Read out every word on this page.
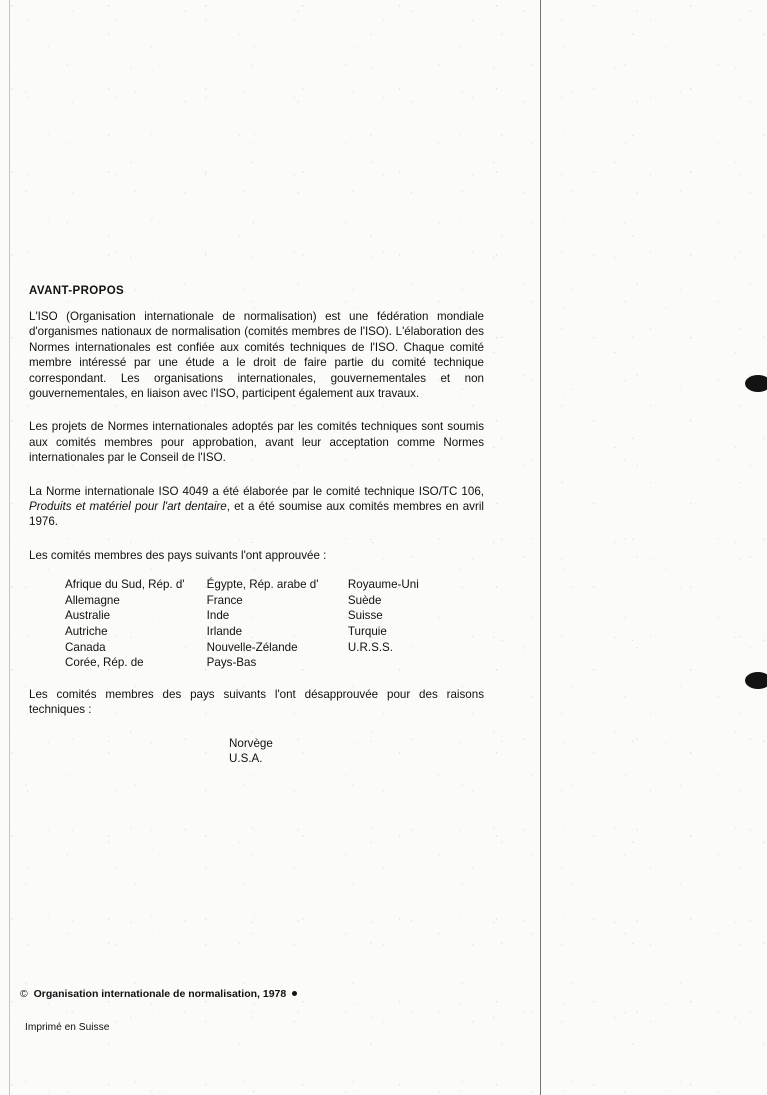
AVANT-PROPOS

L'ISO (Organisation internationale de normalisation) est une fédération mondiale d'organismes nationaux de normalisation (comités membres de l'ISO). L'élaboration des Normes internationales est confiée aux comités techniques de l'ISO. Chaque comité membre intéressé par une étude a le droit de faire partie du comité technique correspondant. Les organisations internationales, gouvernementales et non gouvernementales, en liaison avec l'ISO, participent également aux travaux.

Les projets de Normes internationales adoptés par les comités techniques sont soumis aux comités membres pour approbation, avant leur acceptation comme Normes internationales par le Conseil de l'ISO.

La Norme internationale ISO 4049 a été élaborée par le comité technique ISO/TC 106, Produits et matériel pour l'art dentaire, et a été soumise aux comités membres en avril 1976.

Les comités membres des pays suivants l'ont approuvée :

Afrique du Sud, Rép. d'	Égypte, Rép. arabe d'	Royaume-Uni
Allemagne	France	Suède
Australie	Inde	Suisse
Autriche	Irlande	Turquie
Canada	Nouvelle-Zélande	U.R.S.S.
Corée, Rép. de	Pays-Bas	

Les comités membres des pays suivants l'ont désapprouvée pour des raisons techniques :

Norvège
U.S.A.

© Organisation internationale de normalisation, 1978

Imprimé en Suisse
